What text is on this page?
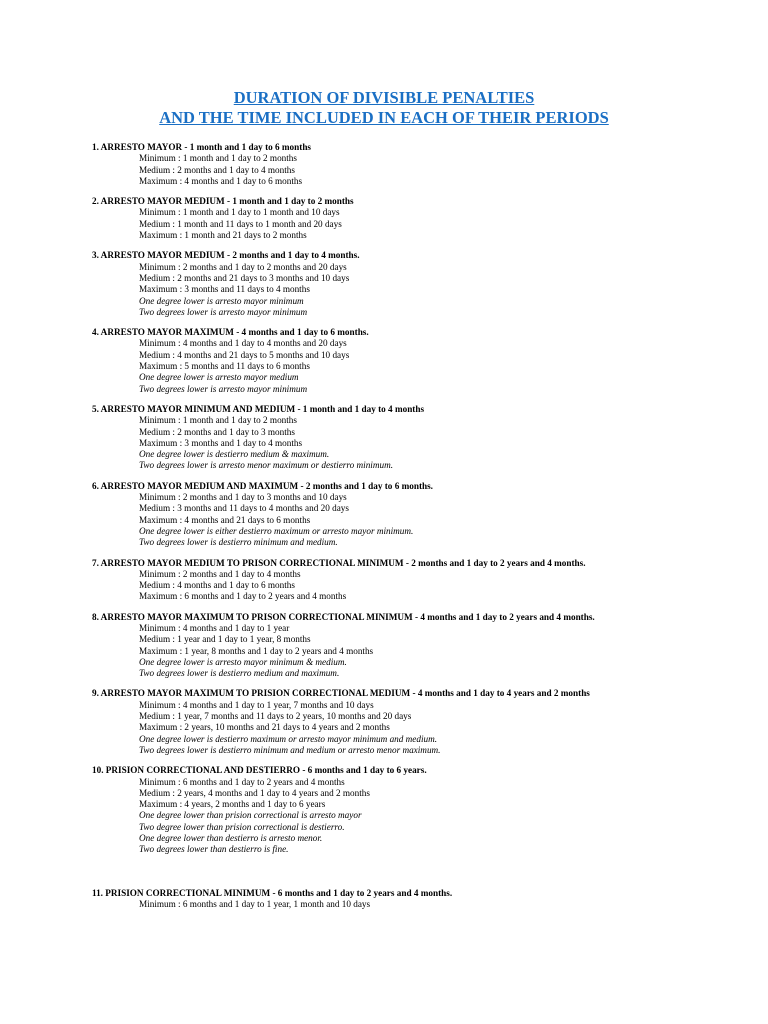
DURATION OF DIVISIBLE PENALTIES

AND THE TIME INCLUDED IN EACH OF THEIR PERIODS

1. ARRESTO MAYOR - 1 month and 1 day to 6 months
Minimum : 1 month and 1 day to 2 months
Medium : 2 months and 1 day to 4 months
Maximum : 4 months and 1 day to 6 months
2. ARRESTO MAYOR MEDIUM - 1 month and 1 day to 2 months
Minimum : 1 month and 1 day to 1 month and 10 days
Medium : 1 month and 11 days to 1 month and 20 days
Maximum : 1 month and 21 days to 2 months
3. ARRESTO MAYOR MEDIUM - 2 months and 1 day to 4 months.
Minimum : 2 months and 1 day to 2 months and 20 days
Medium : 2 months and 21 days to 3 months and 10 days
Maximum : 3 months and 11 days to 4 months
One degree lower is arresto mayor minimum
Two degrees lower is arresto mayor minimum
4. ARRESTO MAYOR MAXIMUM - 4 months and 1 day to 6 months.
Minimum : 4 months and 1 day to 4 months and 20 days
Medium : 4 months and 21 days to 5 months and 10 days
Maximum : 5 months and 11 days to 6 months
One degree lower is arresto mayor medium
Two degrees lower is arresto mayor minimum
5. ARRESTO MAYOR MINIMUM AND MEDIUM - 1 month and 1 day to 4 months
Minimum : 1 month and 1 day to 2 months
Medium : 2 months and 1 day to 3 months
Maximum : 3 months and 1 day to 4 months
One degree lower is destierro medium & maximum.
Two degrees lower is arresto menor maximum or destierro minimum.
6. ARRESTO MAYOR MEDIUM AND MAXIMUM - 2 months and 1 day to 6 months.
Minimum : 2 months and 1 day to 3 months and 10 days
Medium : 3 months and 11 days to 4 months and 20 days
Maximum : 4 months and 21 days to 6 months
One degree lower is either destierro maximum or arresto mayor minimum.
Two degrees lower is destierro minimum and medium.
7. ARRESTO MAYOR MEDIUM TO PRISON CORRECTIONAL MINIMUM - 2 months and 1 day to 2 years and 4 months.
Minimum : 2 months and 1 day to 4 months
Medium : 4 months and 1 day to 6 months
Maximum : 6 months and 1 day to 2 years and 4 months
8. ARRESTO MAYOR MAXIMUM TO PRISON CORRECTIONAL MINIMUM - 4 months and 1 day to 2 years and 4 months.
Minimum : 4 months and 1 day to 1 year
Medium : 1 year and 1 day to 1 year, 8 months
Maximum : 1 year, 8 months and 1 day to 2 years and 4 months
One degree lower is arresto mayor minimum & medium.
Two degrees lower is destierro medium and maximum.
9. ARRESTO MAYOR MAXIMUM TO PRISION CORRECTIONAL MEDIUM - 4 months and 1 day to 4 years and 2 months
Minimum : 4 months and 1 day to 1 year, 7 months and 10 days
Medium : 1 year, 7 months and 11 days to 2 years, 10 months and 20 days
Maximum : 2 years, 10 months and 21 days to 4 years and 2 months
One degree lower is destierro maximum or arresto mayor minimum and medium.
Two degrees lower is destierro minimum and medium or arresto menor maximum.
10. PRISION CORRECTIONAL AND DESTIERRO - 6 months and 1 day to 6 years.
Minimum : 6 months and 1 day to 2 years and 4 months
Medium : 2 years, 4 months and 1 day to 4 years and 2 months
Maximum : 4 years, 2 months and 1 day to 6 years
One degree lower than prision correctional is arresto mayor
Two degree lower than prision correctional is destierro.
One degree lower than destierro is arresto menor.
Two degrees lower than destierro is fine.
11. PRISION CORRECTIONAL MINIMUM - 6 months and 1 day to 2 years and 4 months.
Minimum : 6 months and 1 day to 1 year, 1 month and 10 days
